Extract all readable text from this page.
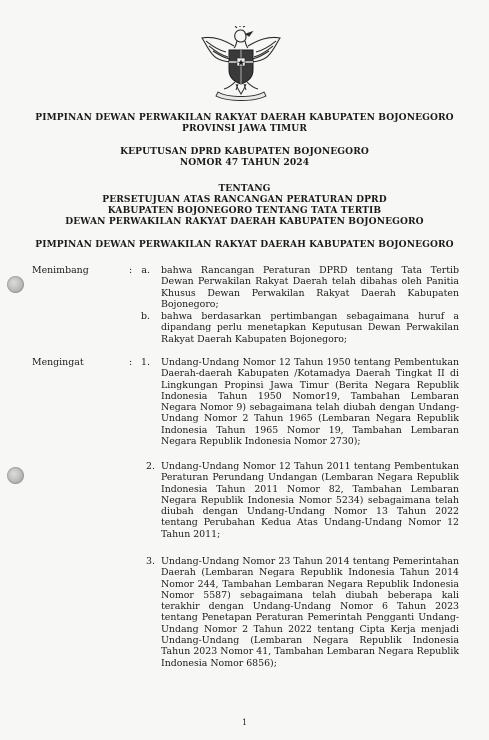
PIMPINAN DEWAN PERWAKILAN RAKYAT DAERAH KABUPATEN BOJONEGORO
PROVINSI JAWA TIMUR
KEPUTUSAN DPRD KABUPATEN BOJONEGORO
NOMOR 47 TAHUN 2024
TENTANG
PERSETUJUAN ATAS RANCANGAN PERATURAN DPRD
KABUPATEN BOJONEGORO TENTANG TATA TERTIB
DEWAN PERWAKILAN RAKYAT DAERAH KABUPATEN BOJONEGORO
PIMPINAN DEWAN PERWAKILAN RAKYAT DAERAH KABUPATEN BOJONEGORO
Menimbang	: a. bahwa Rancangan Peraturan DPRD tentang Tata Tertib Dewan Perwakilan Rakyat Daerah telah dibahas oleh Panitia Khusus Dewan Perwakilan Rakyat Daerah Kabupaten Bojonegoro;
b. bahwa berdasarkan pertimbangan sebagaimana huruf a dipandang perlu menetapkan Keputusan Dewan Perwakilan Rakyat Daerah Kabupaten Bojonegoro;
Mengingat	: 1. Undang-Undang Nomor 12 Tahun 1950 tentang Pembentukan Daerah-daerah Kabupaten /Kotamadya Daerah Tingkat II di Lingkungan Propinsi Jawa Timur (Berita Negara Republik Indonesia Tahun 1950 Nomor19, Tambahan Lembaran Negara Nomor 9) sebagaimana telah diubah dengan Undang-Undang Nomor 2 Tahun 1965 (Lembaran Negara Republik Indonesia Tahun 1965 Nomor 19, Tambahan Lembaran Negara Republik Indonesia Nomor 2730);
2. Undang-Undang Nomor 12 Tahun 2011 tentang Pembentukan Peraturan Perundang Undangan (Lembaran Negara Republik Indonesia Tahun 2011 Nomor 82, Tambahan Lembaran Negara Republik Indonesia Nomor 5234) sebagaimana telah diubah dengan Undang-Undang Nomor 13 Tahun 2022 tentang Perubahan Kedua Atas Undang-Undang Nomor 12 Tahun 2011;
3. Undang-Undang Nomor 23 Tahun 2014 tentang Pemerintahan Daerah (Lembaran Negara Republik Indonesia Tahun 2014 Nomor 244, Tambahan Lembaran Negara Republik Indonesia Nomor 5587) sebagaimana telah diubah beberapa kali terakhir dengan Undang-Undang Nomor 6 Tahun 2023 tentang Penetapan Peraturan Pemerintah Pengganti Undang-Undang Nomor 2 Tahun 2022 tentang Cipta Kerja menjadi Undang-Undang (Lembaran Negara Republik Indonesia Tahun 2023 Nomor 41, Tambahan Lembaran Negara Republik Indonesia Nomor 6856);
1
